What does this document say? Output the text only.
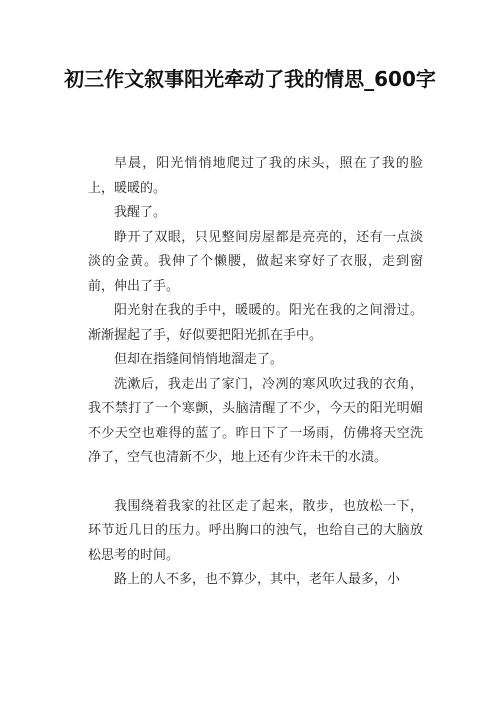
初三作文叙事阳光牵动了我的情思_600字

早晨，阳光悄悄地爬过了我的床头，照在了我的脸上，暖暖的。

我醒了。

睁开了双眼，只见整间房屋都是亮亮的，还有一点淡淡的金黄。我伸了个懒腰，做起来穿好了衣服，走到窗前，伸出了手。

阳光射在我的手中，暖暖的。阳光在我的之间滑过。渐渐握起了手，好似要把阳光抓在手中。

但却在指缝间悄悄地溜走了。

洗漱后，我走出了家门，冷冽的寒风吹过我的衣角，我不禁打了一个寒颤，头脑清醒了不少，今天的阳光明媚不少天空也难得的蓝了。昨日下了一场雨，仿佛将天空洗净了，空气也清新不少，地上还有少许未干的水渍。

我围绕着我家的社区走了起来，散步，也放松一下，环节近几日的压力。呼出胸口的浊气，也给自己的大脑放松思考的时间。

路上的人不多，也不算少，其中，老年人最多，小
